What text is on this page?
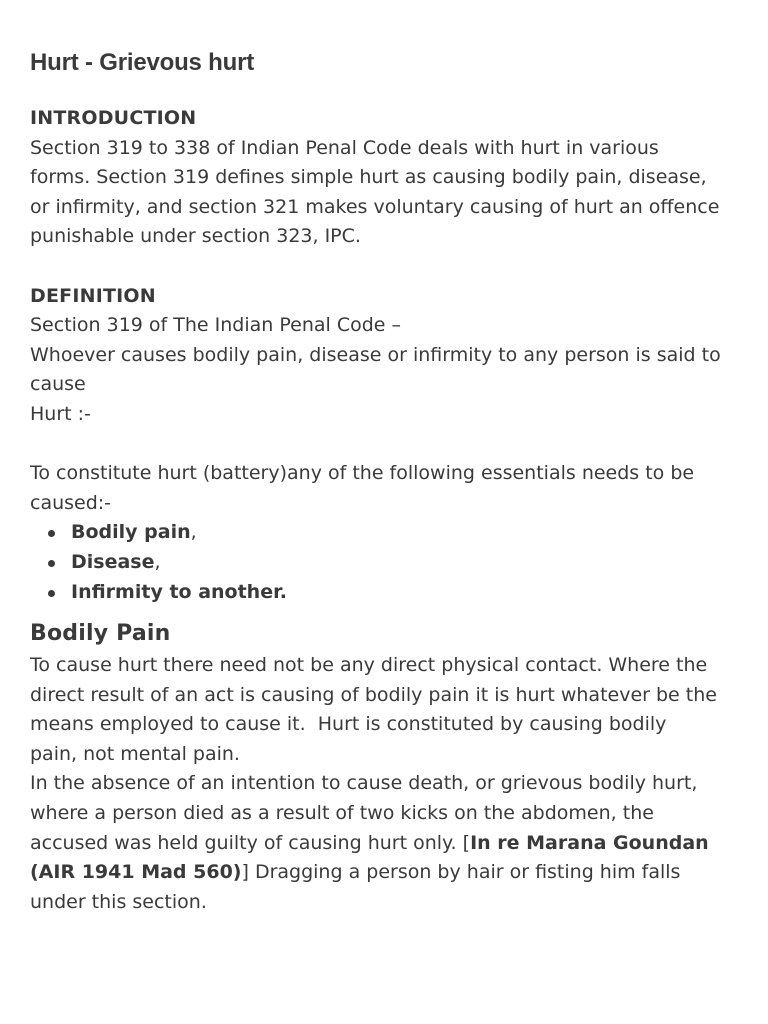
Hurt - Grievous hurt

INTRODUCTION

Section 319 to 338 of Indian Penal Code deals with hurt in various

forms. Section 319 defines simple hurt as causing bodily pain, disease,

or infirmity, and section 321 makes voluntary causing of hurt an offence

punishable under section 323, IPC.

DEFINITION

Section 319 of The Indian Penal Code –

Whoever causes bodily pain, disease or infirmity to any person is said to

cause

Hurt :-

To constitute hurt (battery)any of the following essentials needs to be

caused:-

Bodily pain,
Disease,
Infirmity to another.
Bodily Pain

To cause hurt there need not be any direct physical contact. Where the

direct result of an act is causing of bodily pain it is hurt whatever be the

means employed to cause it.  Hurt is constituted by causing bodily

pain, not mental pain.

In the absence of an intention to cause death, or grievous bodily hurt,

where a person died as a result of two kicks on the abdomen, the

accused was held guilty of causing hurt only. [In re Marana Goundan

(AIR 1941 Mad 560)] Dragging a person by hair or fisting him falls

under this section.
